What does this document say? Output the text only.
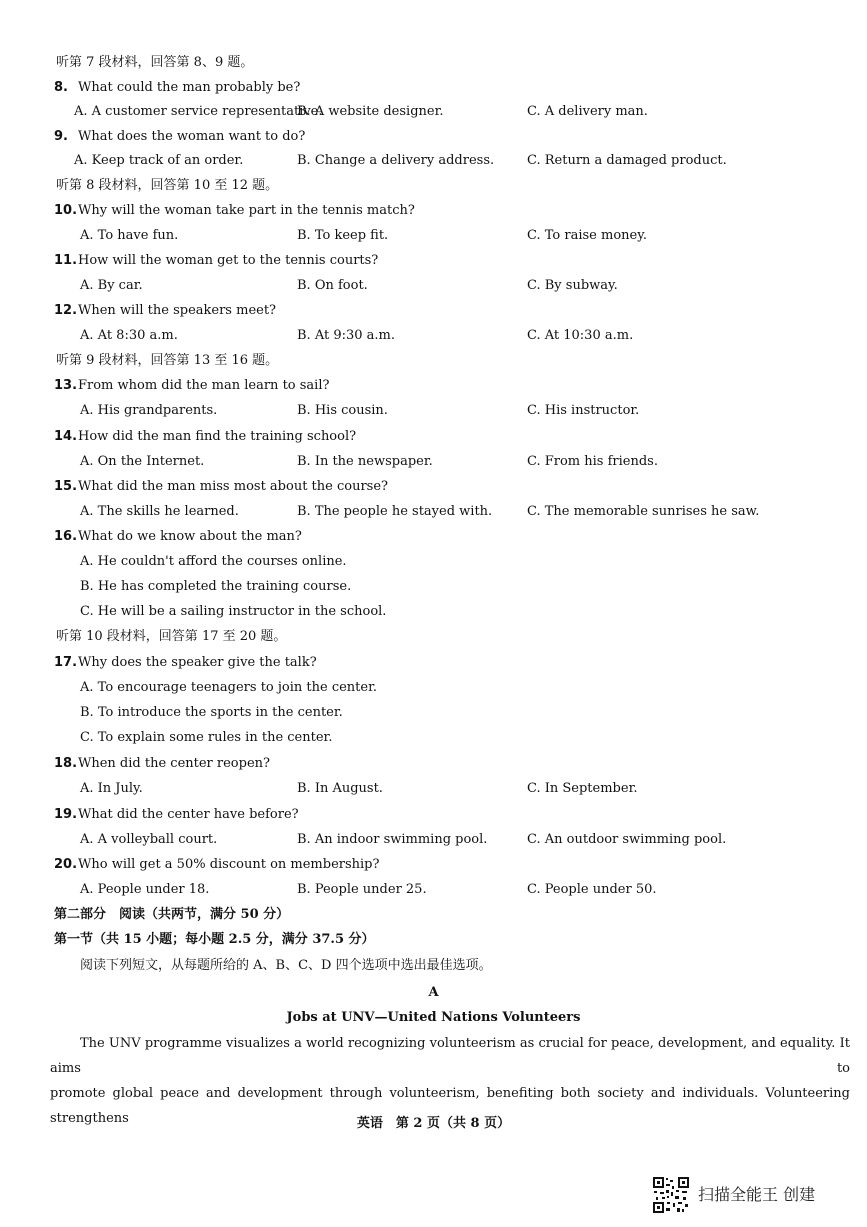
听第 7 段材料，回答第 8、9 题。
8. What could the man probably be?
A. A customer service representative.
B. A website designer.	C. A delivery man.
9. What does the woman want to do?
A. Keep track of an order.	B. Change a delivery address.	C. Return a damaged product.
听第 8 段材料，回答第 10 至 12 题。
10. Why will the woman take part in the tennis match?
A. To have fun.	B. To keep fit.	C. To raise money.
11. How will the woman get to the tennis courts?
A. By car.	B. On foot.	C. By subway.
12. When will the speakers meet?
A. At 8:30 a.m.	B. At 9:30 a.m.	C. At 10:30 a.m.
听第 9 段材料，回答第 13 至 16 题。
13. From whom did the man learn to sail?
A. His grandparents.	B. His cousin.	C. His instructor.
14. How did the man find the training school?
A. On the Internet.	B. In the newspaper.	C. From his friends.
15. What did the man miss most about the course?
A. The skills he learned.	B. The people he stayed with.	C. The memorable sunrises he saw.
16. What do we know about the man?
A. He couldn't afford the courses online.
B. He has completed the training course.
C. He will be a sailing instructor in the school.
听第 10 段材料，回答第 17 至 20 题。
17. Why does the speaker give the talk?
A. To encourage teenagers to join the center.
B. To introduce the sports in the center.
C. To explain some rules in the center.
18. When did the center reopen?
A. In July.	B. In August.	C. In September.
19. What did the center have before?
A. A volleyball court.	B. An indoor swimming pool.	C. An outdoor swimming pool.
20. Who will get a 50% discount on membership?
A. People under 18.	B. People under 25.	C. People under 50.
第二部分　阅读（共两节，满分 50 分）
第一节（共 15 小题；每小题 2.5 分，满分 37.5 分）
阅读下列短文，从每题所给的 A、B、C、D 四个选项中选出最佳选项。
A
Jobs at UNV—United Nations Volunteers
The UNV programme visualizes a world recognizing volunteerism as crucial for peace, development, and equality. It aims to
promote global peace and development through volunteerism, benefiting both society and individuals. Volunteering strengthens	英语　第 2 页（共 8 页）
扫描全能王 创建
